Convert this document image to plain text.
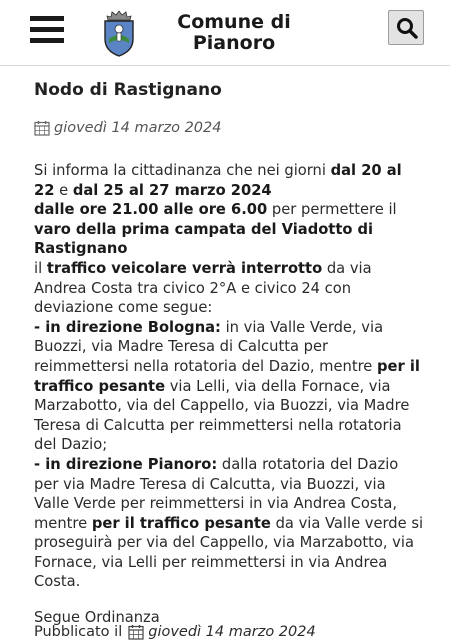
Comune di
Pianoro
Nodo di Rastignano
giovedì 14 marzo 2024

Si informa la cittadinanza che nei giorni dal 20 al 22 e dal 25 al 27 marzo 2024
dalle ore 21.00 alle ore 6.00 per permettere il varo della prima campata del Viadotto di Rastignano
il traffico veicolare verrà interrotto da via Andrea Costa tra civico 2°A e civico 24 con deviazione come segue:
- in direzione Bologna: in via Valle Verde, via Buozzi, via Madre Teresa di Calcutta per reimmettersi nella rotatoria del Dazio, mentre per il traffico pesante via Lelli, via della Fornace, via Marzabotto, via del Cappello, via Buozzi, via Madre Teresa di Calcutta per reimmettersi nella rotatoria del Dazio;
- in direzione Pianoro: dalla rotatoria del Dazio per via Madre Teresa di Calcutta, via Buozzi, via Valle Verde per reimmettersi in via Andrea Costa, mentre per il traffico pesante da via Valle verde si proseguirà per via del Cappello, via Marzabotto, via Fornace, via Lelli per reimmettersi in via Andrea Costa.

Segue Ordinanza

Pubblicato il giovedì 14 marzo 2024
